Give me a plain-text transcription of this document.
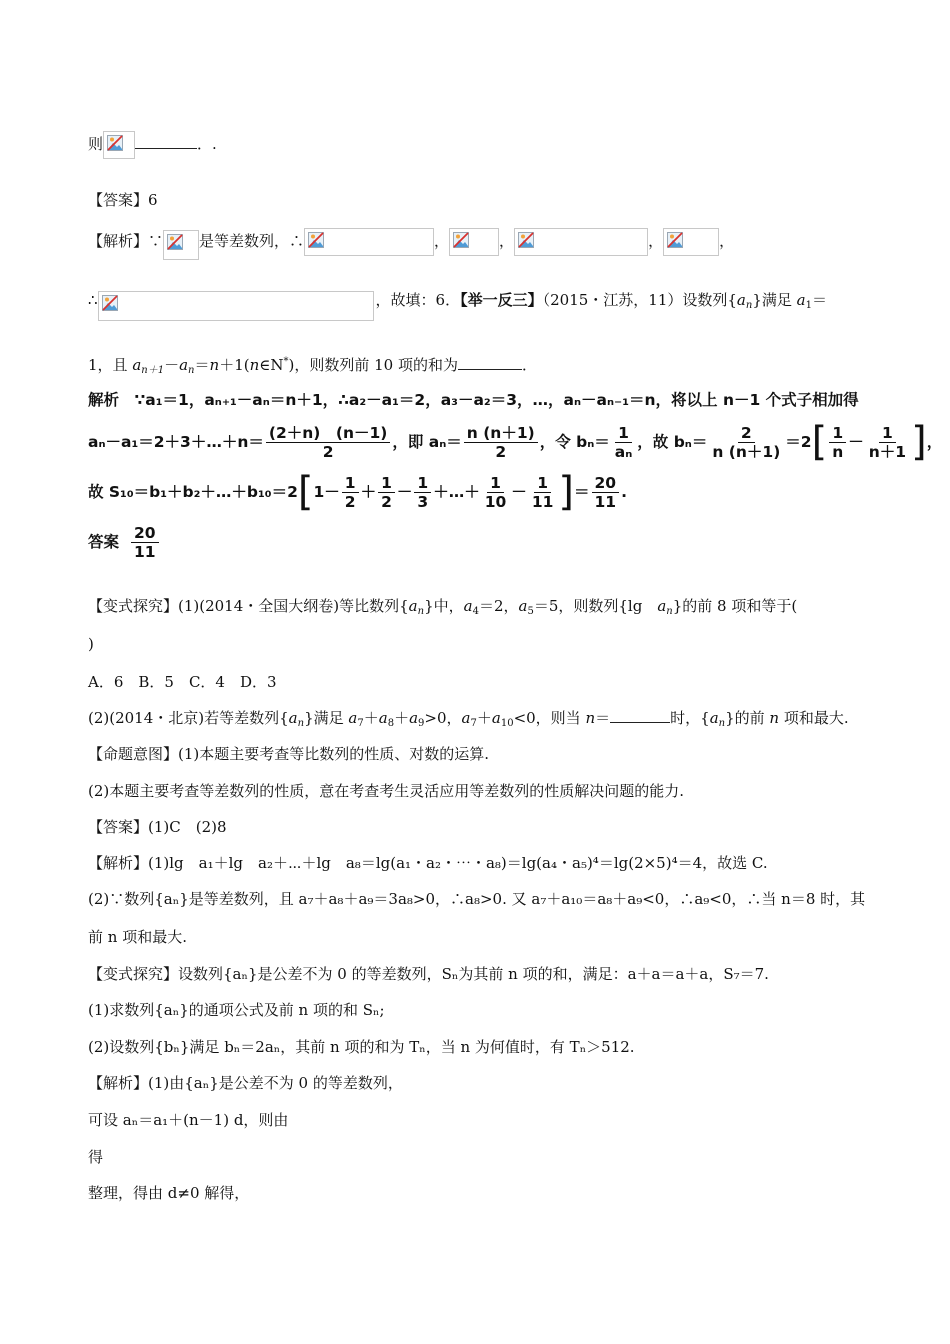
则	．.
【答案】6
【解析】∵ 是等差数列，∴	，	，	，	，
∴	，故填：6．【举一反三】（2015・江苏，11）设数列$\{a_n\}$满足 $a_1=$
1，且 $a_{n+1}-a_n=n+1(n\in N^*)$，则数列前 10 项的和为	．
解析　∵a₁＝1，aₙ₊₁－aₙ＝n＋1，∴a₂－a₁＝2，a₃－a₂＝3，…，aₙ－aₙ₋₁＝n，将以上 n－1 个式子相加得
aₙ－a₁＝2＋3＋…＋n＝ $\frac{(2+n) (n-1)}{2}$ ，即 $a_n= \frac{n (n+1)}{2}$ ，令 $b_n= \frac{1}{\text{aₙ}}$ ，故 $b_n= \frac{2}{n (n+1)} =2$ [ $\frac{1}{n} - \frac{1}{n+1}$ ] ，
故 S₁₀＝b₁＋b₂＋…＋b₁₀＝2 [ $1- \frac{1}{2} + \frac{1}{2} - \frac{1}{3}$ ＋…＋ $\frac{1}{10} - \frac{1}{11}$ ] ＝ $\frac{20}{11}$ .
答案 $\frac{20}{11}$
【变式探究】(1)(2014・全国大纲卷)等比数列$\{a_n\}$中，$a_4=2$，$a_5=5$，则数列{lg　$a_n$}的前 8 项和等于(
)
A．6　B．5　C．4　D．3
(2)(2014・北京)若等差数列$\{a_n\}$满足 $a_7+a_8+a_9>0$，$a_7+a_{10}<0$，则当 n＝	时，$\{a_n\}$的前 n 项和最大.
【命题意图】(1)本题主要考查等比数列的性质、对数的运算.
(2)本题主要考查等差数列的性质，意在考查考生灵活应用等差数列的性质解决问题的能力.
【答案】(1)C　(2)8
【解析】(1)lg　a₁＋lg　a₂＋⋯＋lg　a₈＝lg(a₁・a₂・⋯・a₈)＝lg(a₄・a₅)⁴＝lg(2×5)⁴＝4，故选 C.
(2)∵数列{aₙ}是等差数列，且 a₇＋a₈＋a₉＝3a₈>0，∴a₈>0. 又 a₇＋a₁₀＝a₈＋a₉<0，∴a₉<0，∴当 n＝8 时，其
前 n 项和最大.
【变式探究】设数列{aₙ}是公差不为 0 的等差数列，Sₙ为其前 n 项的和，满足：a＋a＝a＋a，S₇＝7.
(1)求数列{aₙ}的通项公式及前 n 项的和 Sₙ;
(2)设数列{bₙ}满足 bₙ＝2aₙ，其前 n 项的和为 Tₙ，当 n 为何值时，有 Tₙ＞512.
【解析】(1)由{aₙ}是公差不为 0 的等差数列，
可设 aₙ＝a₁＋(n－1) d，则由
得
整理，得由 d≠0 解得，
